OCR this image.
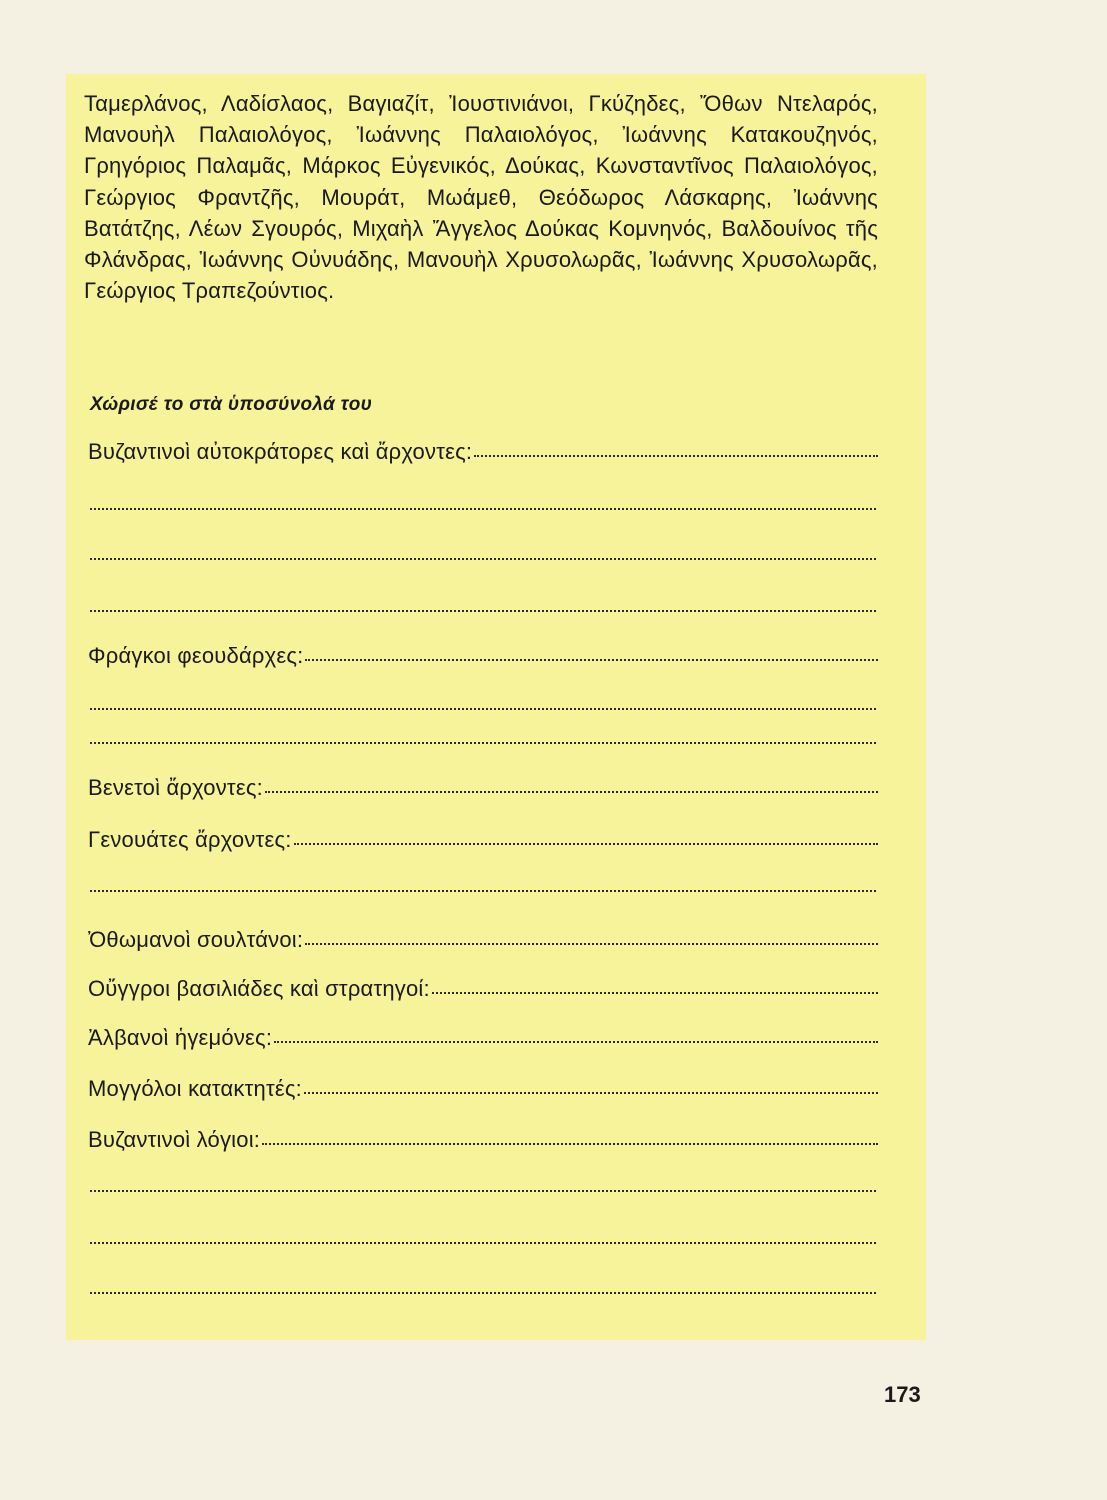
Ταμερλάνος, Λαδίσλαος, Βαγιαζίτ, Ἰουστινιάνοι, Γκύζηδες, Ὄθων Ντελαρός, Μανουὴλ Παλαιολόγος, Ἰωάννης Παλαιολόγος, Ἰωάννης Κατακουζηνός, Γρηγόριος Παλαμᾶς, Μάρκος Εὐγενικός, Δούκας, Κωνσταντῖνος Παλαιολόγος, Γεώργιος Φραντζῆς, Μουράτ, Μωάμεθ, Θεόδωρος Λάσκαρης, Ἰωάννης Βατάτζης, Λέων Σγουρός, Μιχαὴλ Ἄγγελος Δούκας Κομνηνός, Βαλδουίνος τῆς Φλάνδρας, Ἰωάννης Οὐνυάδης, Μανουὴλ Χρυσολωρᾶς, Ἰωάννης Χρυσολωρᾶς, Γεώργιος Τραπεζούντιος.

Χώρισέ το στὰ ὑποσύνολά του
Βυζαντινοὶ αὐτοκράτορες καὶ ἄρχοντες:
Φράγκοι φεουδάρχες:
Βενετοὶ ἄρχοντες:
Γενουάτες ἄρχοντες:
Ὀθωμανοὶ σουλτάνοι:
Οὔγγροι βασιλιάδες καὶ στρατηγοί:
Ἀλβανοὶ ἡγεμόνες:
Μογγόλοι κατακτητές:
Βυζαντινοὶ λόγιοι:
173
